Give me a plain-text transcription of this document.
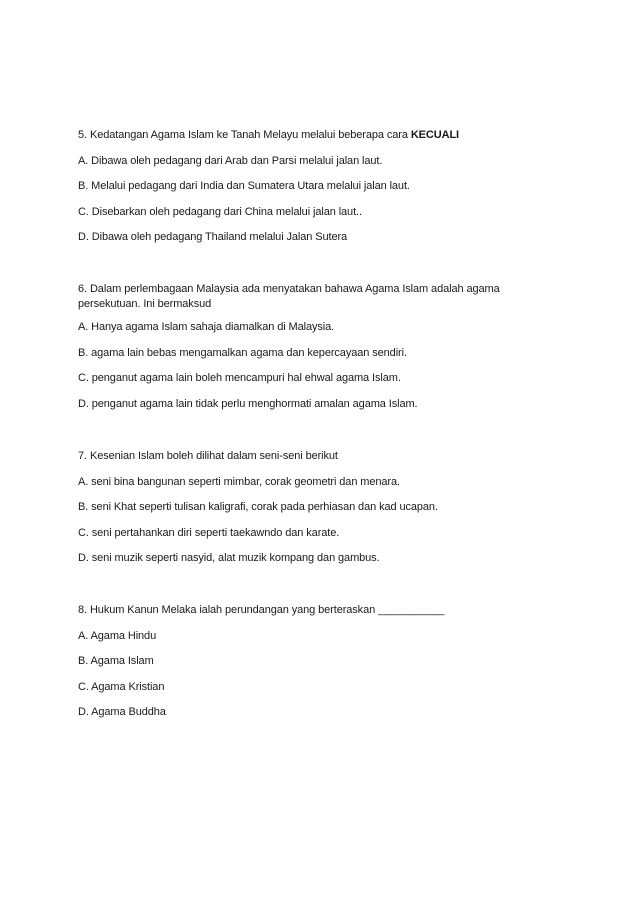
5. Kedatangan Agama Islam ke Tanah Melayu melalui beberapa cara KECUALI
A. Dibawa oleh pedagang dari Arab dan Parsi melalui jalan laut.
B. Melalui pedagang dari India dan Sumatera Utara melalui jalan laut.
C. Disebarkan oleh pedagang dari China melalui jalan laut..
D. Dibawa oleh pedagang Thailand melalui Jalan Sutera
6. Dalam perlembagaan Malaysia ada menyatakan bahawa Agama Islam adalah agama
persekutuan. Ini bermaksud
A. Hanya agama Islam sahaja diamalkan di Malaysia.
B. agama lain bebas mengamalkan agama dan kepercayaan sendiri.
C. penganut agama lain boleh mencampuri hal ehwal agama Islam.
D. penganut agama lain tidak perlu menghormati amalan agama Islam.
7. Kesenian Islam boleh dilihat dalam seni-seni berikut
A. seni bina bangunan seperti mimbar, corak geometri dan menara.
B. seni Khat seperti tulisan kaligrafi, corak pada perhiasan dan kad ucapan.
C. seni pertahankan diri seperti taekawndo dan karate.
D. seni muzik seperti nasyid, alat muzik kompang dan gambus.
8. Hukum Kanun Melaka ialah perundangan yang berteraskan ___________
A. Agama Hindu
B. Agama Islam
C. Agama Kristian
D. Agama Buddha
